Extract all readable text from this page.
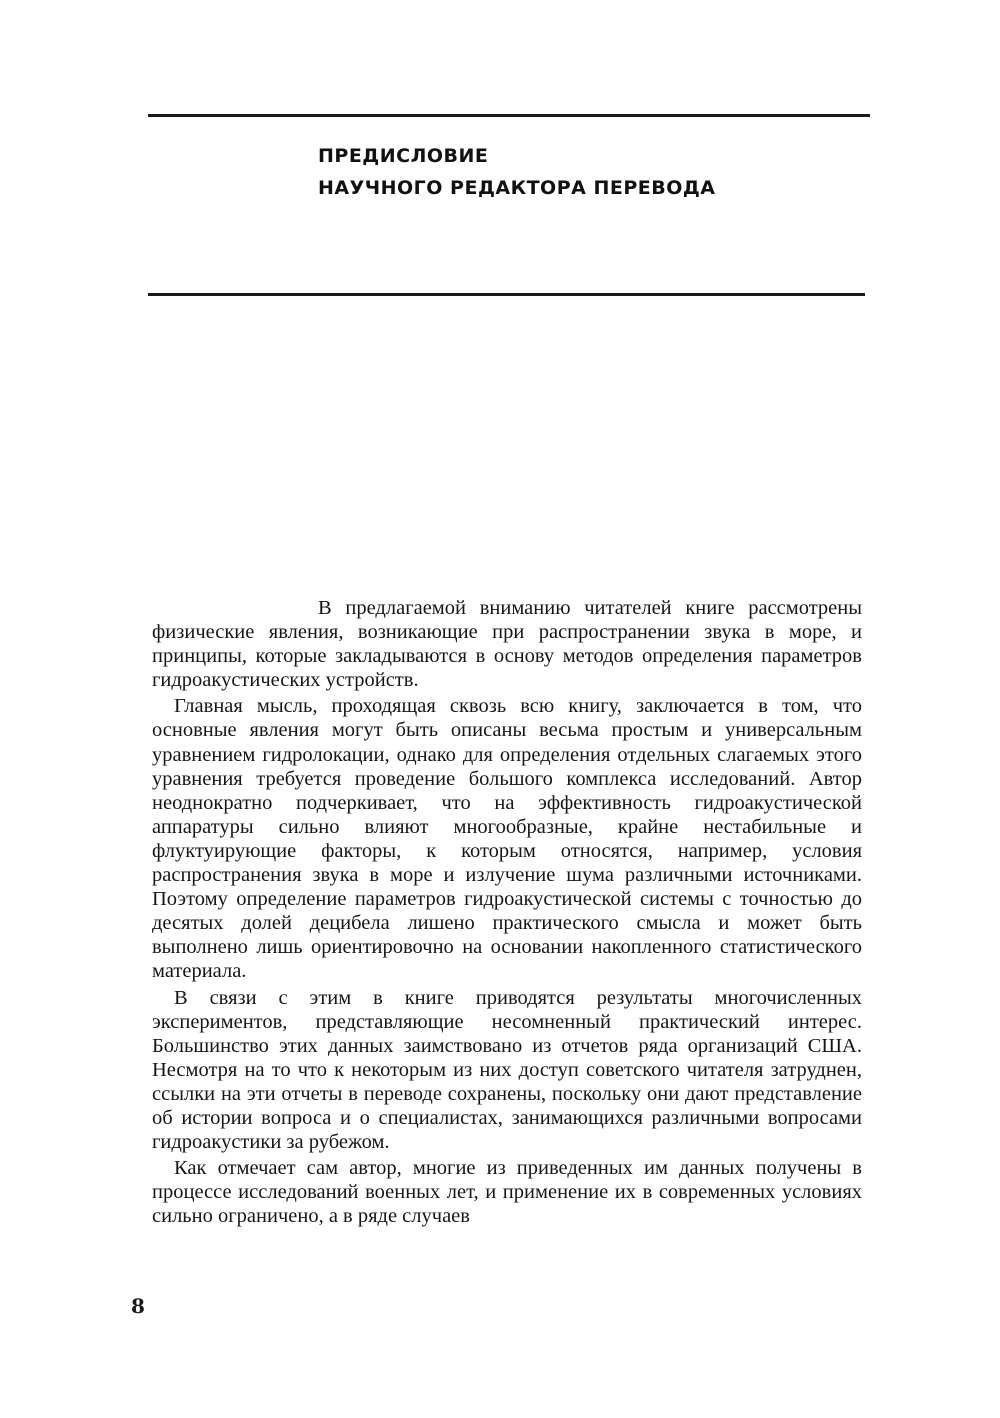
ПРЕДИСЛОВИЕ
НАУЧНОГО РЕДАКТОРА ПЕРЕВОДА

В предлагаемой вниманию читателей книге рассмотрены физические явления, возникающие при распространении звука в море, и принципы, которые закладываются в основу методов определения параметров гидроакустических устройств.

Главная мысль, проходящая сквозь всю книгу, заключается в том, что основные явления могут быть описаны весьма простым и универсальным уравнением гидролокации, однако для определения отдельных слагаемых этого уравнения требуется проведение большого комплекса исследований. Автор неоднократно подчеркивает, что на эффективность гидроакустической аппаратуры сильно влияют многообразные, крайне нестабильные и флуктуирующие факторы, к которым относятся, например, условия распространения звука в море и излучение шума различными источниками. Поэтому определение параметров гидроакустической системы с точностью до десятых долей децибела лишено практического смысла и может быть выполнено лишь ориентировочно на основании накопленного статистического материала.

В связи с этим в книге приводятся результаты многочисленных экспериментов, представляющие несомненный практический интерес. Большинство этих данных заимствовано из отчетов ряда организаций США. Несмотря на то что к некоторым из них доступ советского читателя затруднен, ссылки на эти отчеты в переводе сохранены, поскольку они дают представление об истории вопроса и о специалистах, занимающихся различными вопросами гидроакустики за рубежом.

Как отмечает сам автор, многие из приведенных им данных получены в процессе исследований военных лет, и применение их в современных условиях сильно ограничено, а в ряде случаев

8
